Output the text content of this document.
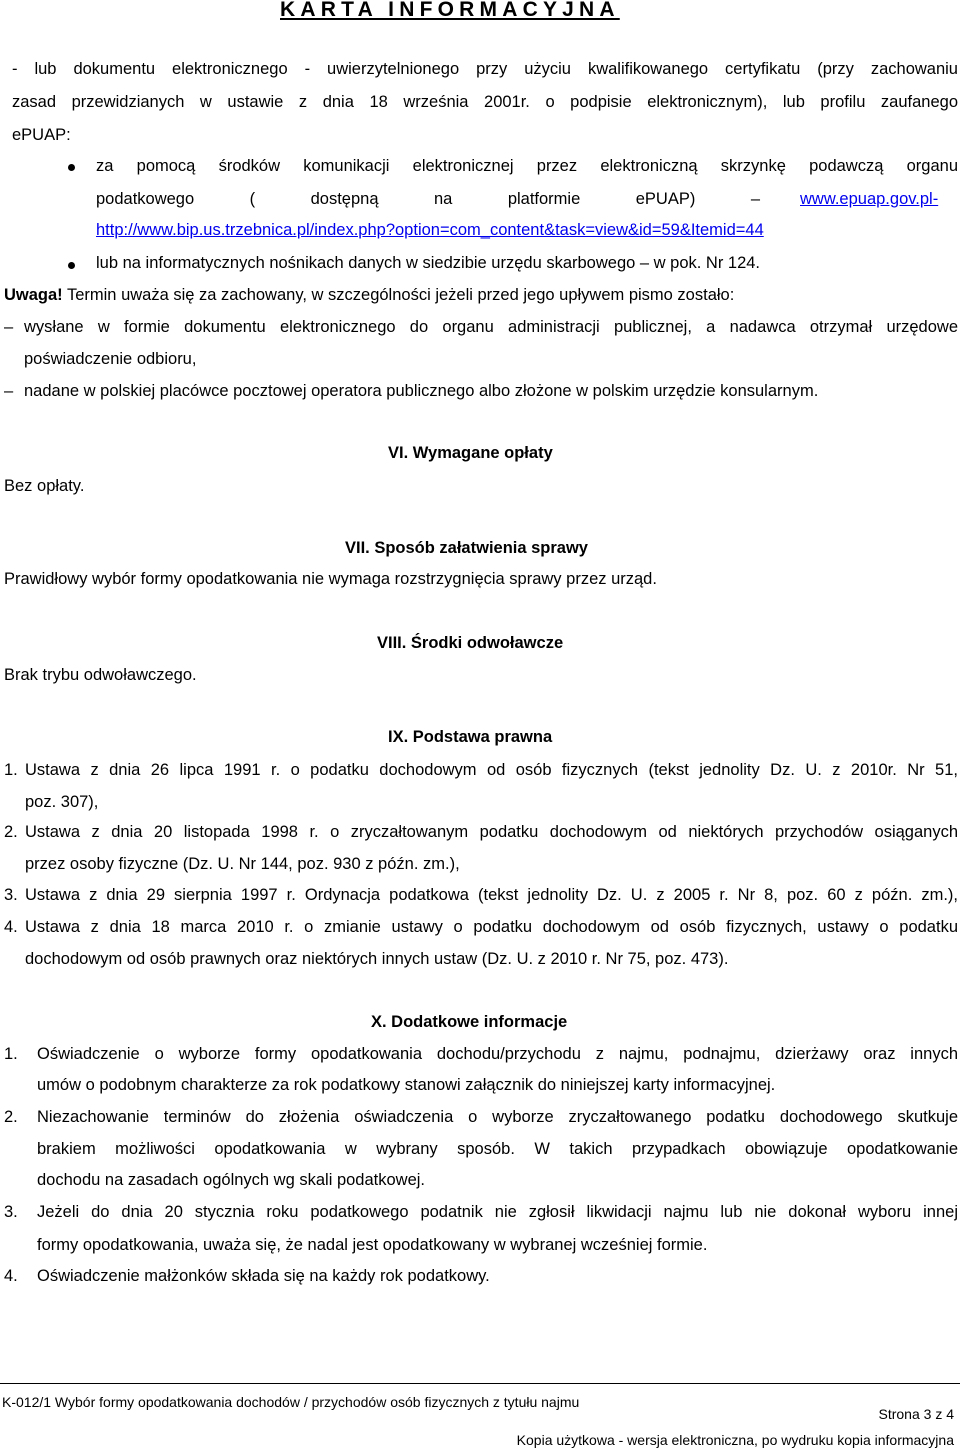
KARTA INFORMACYJNA
- lub dokumentu elektronicznego - uwierzytelnionego przy użyciu kwalifikowanego certyfikatu (przy zachowaniu
zasad przewidzianych w ustawie z dnia 18 września 2001r. o podpisie elektronicznym), lub profilu zaufanego
ePUAP:
za pomocą środków komunikacji elektronicznej przez elektroniczną skrzynkę podawczą organu
podatkowego ( dostępną na platformie ePUAP) – www.epuap.gov.pl-
http://www.bip.us.trzebnica.pl/index.php?option=com_content&task=view&id=59&Itemid=44
lub na informatycznych nośnikach danych w siedzibie urzędu skarbowego – w pok. Nr 124.
Uwaga! Termin uważa się za zachowany, w szczególności jeżeli przed jego upływem pismo zostało:
– wysłane w formie dokumentu elektronicznego do organu administracji publicznej, a nadawca otrzymał urzędowe
poświadczenie odbioru,
– nadane w polskiej placówce pocztowej operatora publicznego albo złożone w polskim urzędzie konsularnym.
VI. Wymagane opłaty
Bez opłaty.
VII. Sposób załatwienia sprawy
Prawidłowy wybór formy opodatkowania nie wymaga rozstrzygnięcia sprawy przez urząd.
VIII. Środki odwoławcze
Brak trybu odwoławczego.
IX. Podstawa prawna
1. Ustawa z dnia 26 lipca 1991 r. o podatku dochodowym od osób fizycznych (tekst jednolity Dz. U. z 2010r. Nr 51,
poz. 307),
2. Ustawa z dnia 20 listopada 1998 r. o zryczałtowanym podatku dochodowym od niektórych przychodów osiąganych
przez osoby fizyczne (Dz. U. Nr 144, poz. 930 z późn. zm.),
3. Ustawa z dnia 29 sierpnia 1997 r. Ordynacja podatkowa (tekst jednolity Dz. U. z 2005 r. Nr 8, poz. 60 z późn. zm.),
4. Ustawa z dnia 18 marca 2010 r. o zmianie ustawy o podatku dochodowym od osób fizycznych, ustawy o podatku
dochodowym od osób prawnych oraz niektórych innych ustaw (Dz. U. z 2010 r. Nr 75, poz. 473).
X. Dodatkowe informacje
1. Oświadczenie o wyborze formy opodatkowania dochodu/przychodu z najmu, podnajmu, dzierżawy oraz innych
umów o podobnym charakterze za rok podatkowy stanowi załącznik do niniejszej karty informacyjnej.
2. Niezachowanie terminów do złożenia oświadczenia o wyborze zryczałtowanego podatku dochodowego skutkuje
brakiem możliwości opodatkowania w wybrany sposób. W takich przypadkach obowiązuje opodatkowanie
dochodu na zasadach ogólnych wg skali podatkowej.
3. Jeżeli do dnia 20 stycznia roku podatkowego podatnik nie zgłosił likwidacji najmu lub nie dokonał wyboru innej
formy opodatkowania, uważa się, że nadal jest opodatkowany w wybranej wcześniej formie.
4. Oświadczenie małżonków składa się na każdy rok podatkowy.
K-012/1 Wybór formy opodatkowania dochodów / przychodów osób fizycznych z tytułu najmu
Strona 3 z 4
Kopia użytkowa - wersja elektroniczna, po wydruku kopia informacyjna
